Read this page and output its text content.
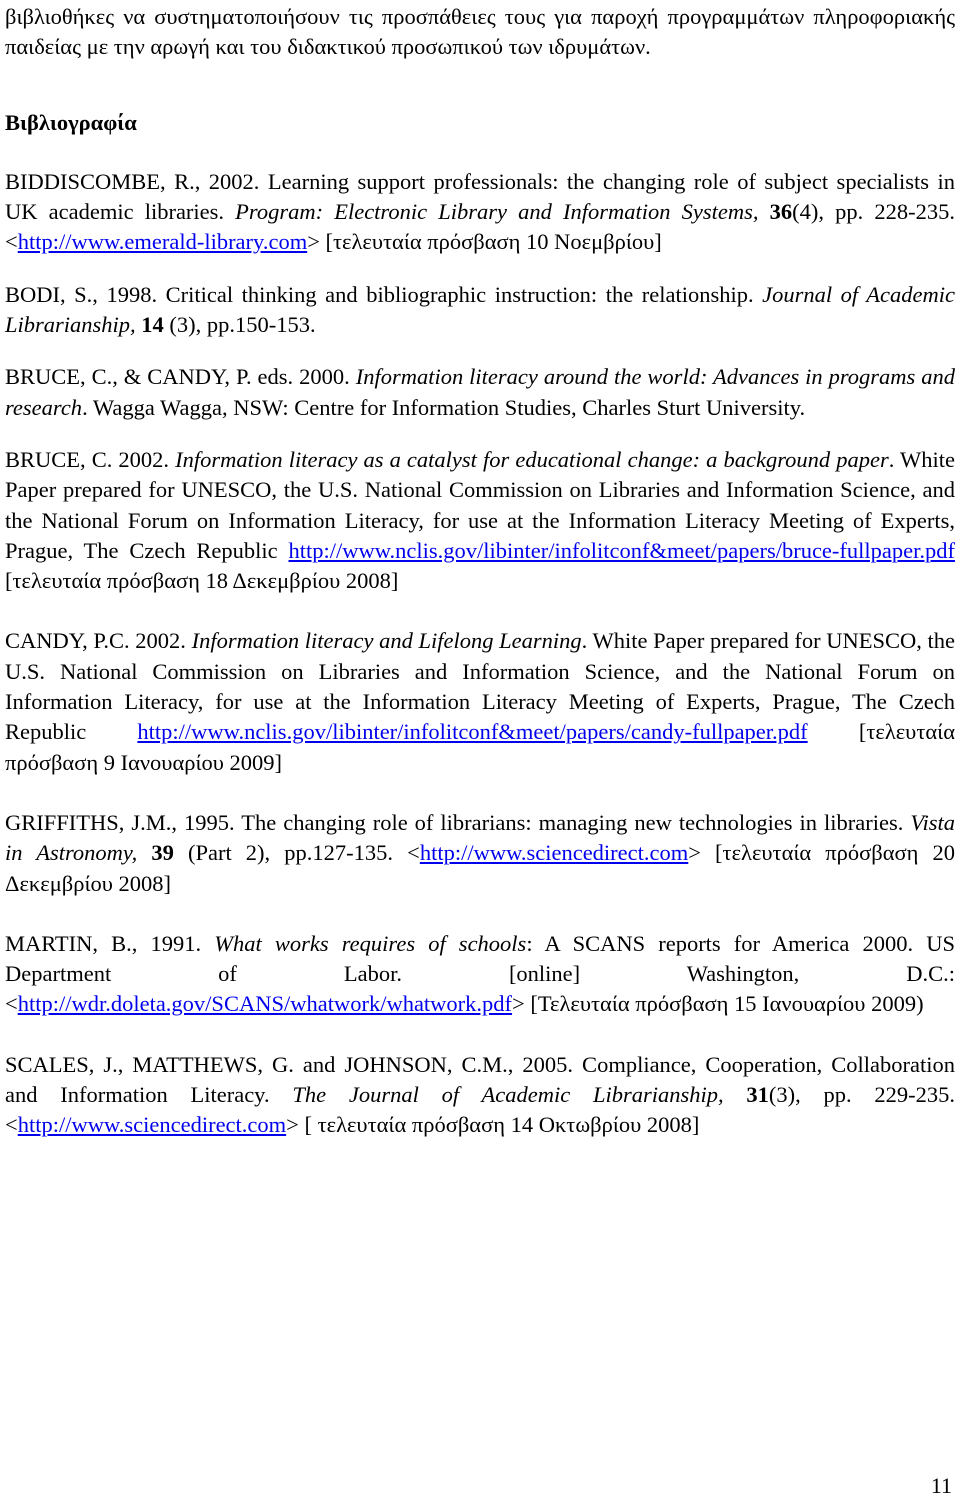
βιβλιοθήκες να συστηματοποιήσουν τις προσπάθειες τους για παροχή προγραμμάτων πληροφοριακής παιδείας με την αρωγή και του διδακτικού προσωπικού των ιδρυμάτων.

Βιβλιογραφία

BIDDISCOMBE, R., 2002. Learning support professionals: the changing role of subject specialists in UK academic libraries. Program: Electronic Library and Information Systems, 36(4), pp. 228-235. <http://www.emerald-library.com> [τελευταία πρόσβαση 10 Νοεμβρίου]

BODI, S., 1998. Critical thinking and bibliographic instruction: the relationship. Journal of Academic Librarianship, 14 (3), pp.150-153.

BRUCE, C., & CANDY, P. eds. 2000. Information literacy around the world: Advances in programs and research. Wagga Wagga, NSW: Centre for Information Studies, Charles Sturt University.

BRUCE, C. 2002. Information literacy as a catalyst for educational change: a background paper. White Paper prepared for UNESCO, the U.S. National Commission on Libraries and Information Science, and the National Forum on Information Literacy, for use at the Information Literacy Meeting of Experts, Prague, The Czech Republic http://www.nclis.gov/libinter/infolitconf&meet/papers/bruce-fullpaper.pdf [τελευταία πρόσβαση 18 Δεκεμβρίου 2008]

CANDY, P.C. 2002. Information literacy and Lifelong Learning. White Paper prepared for UNESCO, the U.S. National Commission on Libraries and Information Science, and the National Forum on Information Literacy, for use at the Information Literacy Meeting of Experts, Prague, The Czech Republic http://www.nclis.gov/libinter/infolitconf&meet/papers/candy-fullpaper.pdf [τελευταία πρόσβαση 9 Ιανουαρίου 2009]

GRIFFITHS, J.M., 1995. The changing role of librarians: managing new technologies in libraries. Vista in Astronomy, 39 (Part 2), pp.127-135. <http://www.sciencedirect.com> [τελευταία πρόσβαση 20 Δεκεμβρίου 2008]

MARTIN, B., 1991. What works requires of schools: A SCANS reports for America 2000. US Department of Labor. [online] Washington, D.C.: <http://wdr.doleta.gov/SCANS/whatwork/whatwork.pdf> [Τελευταία πρόσβαση 15 Ιανουαρίου 2009)

SCALES, J., MATTHEWS, G. and JOHNSON, C.M., 2005. Compliance, Cooperation, Collaboration and Information Literacy. The Journal of Academic Librarianship, 31(3), pp. 229-235. <http://www.sciencedirect.com> [ τελευταία πρόσβαση 14 Οκτωβρίου 2008]

11
